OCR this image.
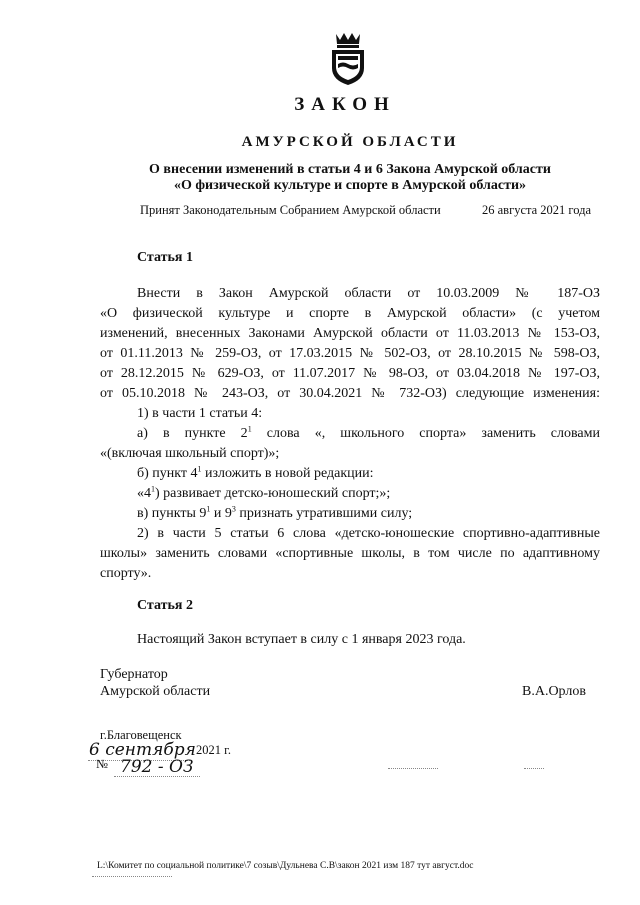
ЗАКОН
АМУРСКОЙ ОБЛАСТИ
О внесении изменений в статьи 4 и 6 Закона Амурской области
«О физической культуре и спорте в Амурской области»
Принят Законодательным Собранием Амурской области	26 августа 2021 года
Статья 1
Внести в Закон Амурской области от 10.03.2009 № 187-ОЗ
«О физической культуре и спорте в Амурской области» (с учетом
изменений, внесенных Законами Амурской области от 11.03.2013 № 153-ОЗ,
от 01.11.2013 № 259-ОЗ, от 17.03.2015 № 502-ОЗ, от 28.10.2015 № 598-ОЗ,
от 28.12.2015 № 629-ОЗ, от 11.07.2017 № 98-ОЗ, от 03.04.2018 № 197-ОЗ,
от 05.10.2018 № 243-ОЗ, от 30.04.2021 № 732-ОЗ) следующие изменения:
1) в части 1 статьи 4:
а) в пункте $2^1$ слова «, школьного спорта» заменить словами
«(включая школьный спорт)»;
б) пункт $4^1$ изложить в новой редакции:
«$4^1$) развивает детско-юношеский спорт;»;
в) пункты $9^1$ и $9^3$ признать утратившими силу;
2) в части 5 статьи 6 слова «детско-юношеские спортивно-адаптивные
школы» заменить словами «спортивные школы, в том числе по адаптивному
спорту».
Статья 2
Настоящий Закон вступает в силу с 1 января 2023 года.
Губернатор
Амурской области	В.А.Орлов
г.Благовещенск
6 сентября 2021 г.
№ 792 - ОЗ
L:\Комитет по социальной политике\7 созыв\Дульнева С.В\закон 2021 изм 187 тут август.doc
